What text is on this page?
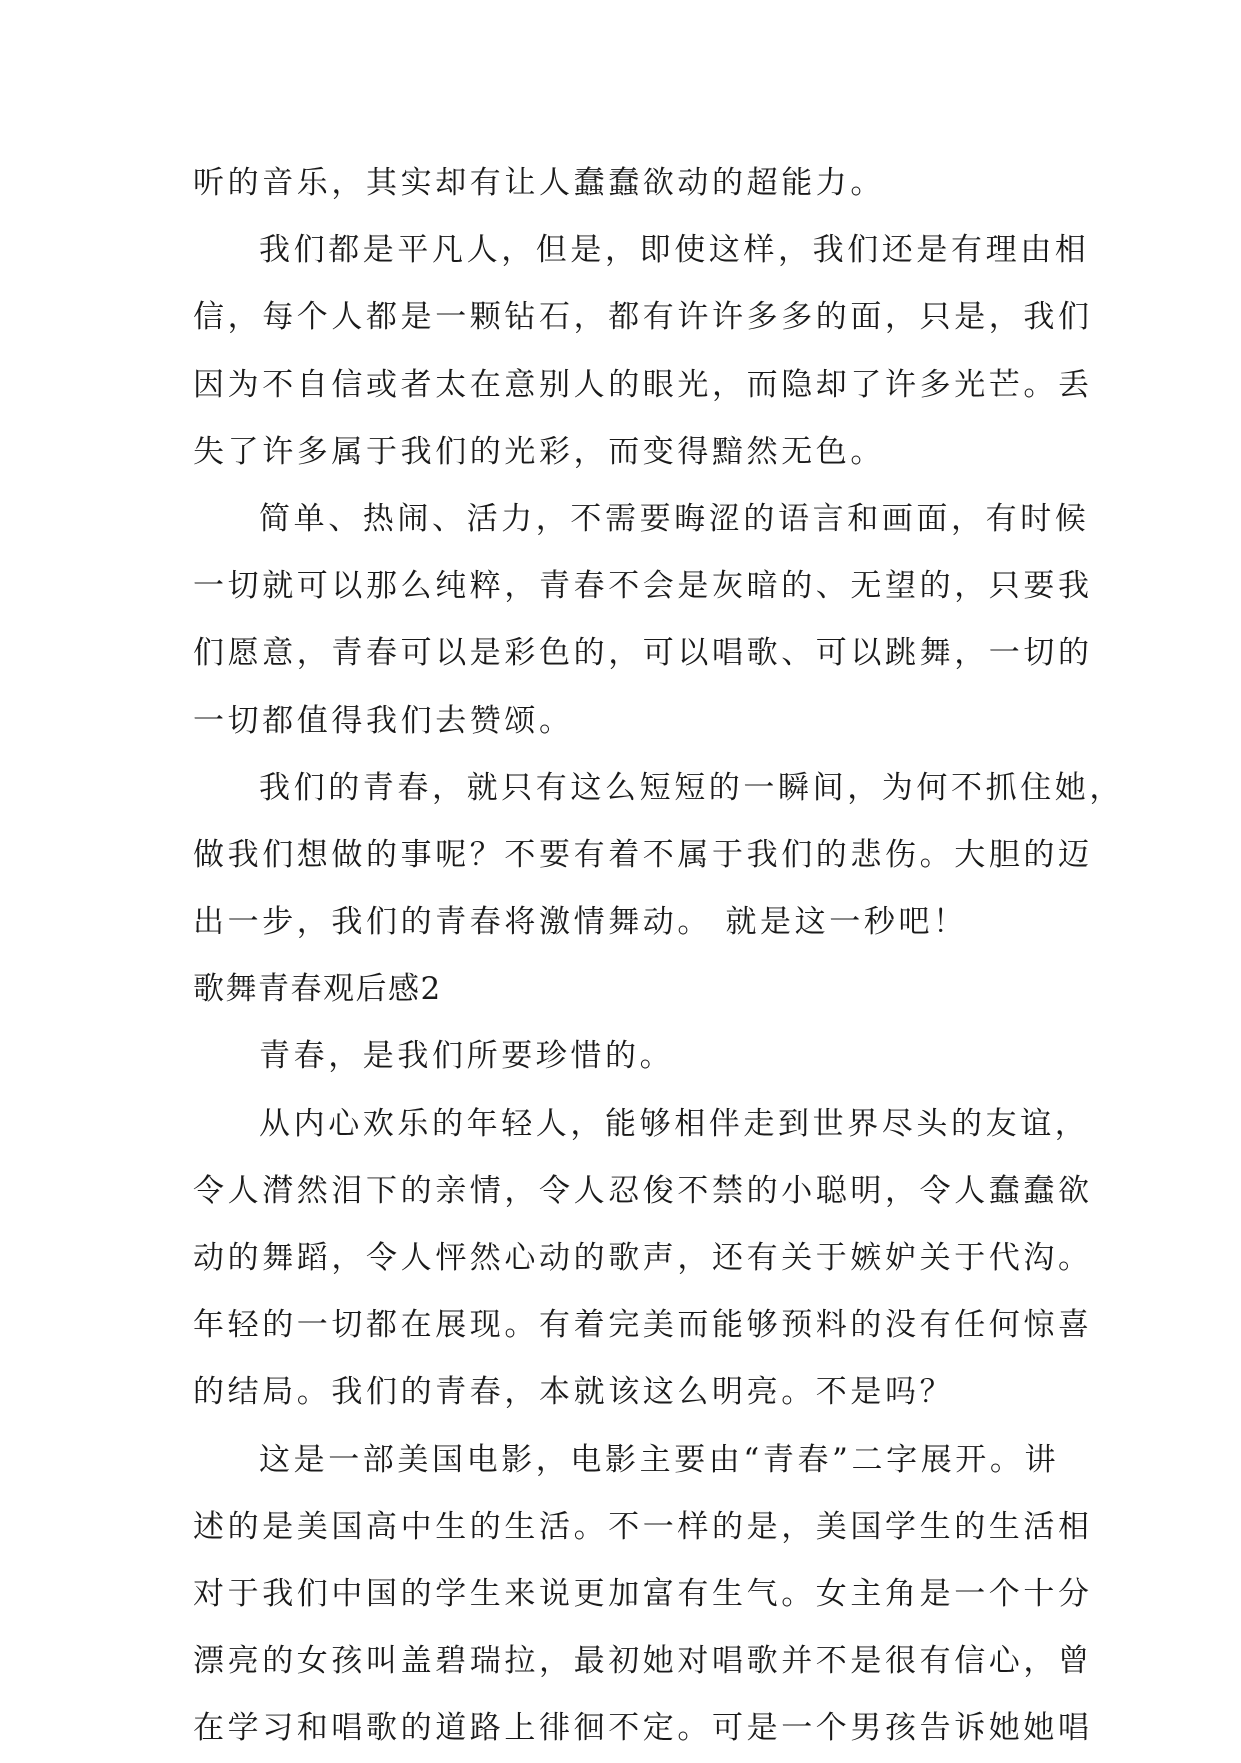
听的音乐，其实却有让人蠢蠢欲动的超能力。
我们都是平凡人，但是，即使这样，我们还是有理由相
信，每个人都是一颗钻石，都有许许多多的面，只是，我们
因为不自信或者太在意别人的眼光，而隐却了许多光芒。丢
失了许多属于我们的光彩，而变得黯然无色。
简单、热闹、活力，不需要晦涩的语言和画面，有时候
一切就可以那么纯粹，青春不会是灰暗的、无望的，只要我
们愿意，青春可以是彩色的，可以唱歌、可以跳舞，一切的
一切都值得我们去赞颂。
我们的青春，就只有这么短短的一瞬间，为何不抓住她，
做我们想做的事呢？不要有着不属于我们的悲伤。大胆的迈
出一步，我们的青春将激情舞动。 就是这一秒吧！
歌舞青春观后感2
青春，是我们所要珍惜的。
从内心欢乐的年轻人，能够相伴走到世界尽头的友谊，
令人潸然泪下的亲情，令人忍俊不禁的小聪明，令人蠢蠢欲
动的舞蹈，令人怦然心动的歌声，还有关于嫉妒关于代沟。
年轻的一切都在展现。有着完美而能够预料的没有任何惊喜
的结局。我们的青春，本就该这么明亮。不是吗？
这是一部美国电影，电影主要由“青春”二字展开。讲
述的是美国高中生的生活。不一样的是，美国学生的生活相
对于我们中国的学生来说更加富有生气。女主角是一个十分
漂亮的女孩叫盖碧瑞拉，最初她对唱歌并不是很有信心，曾
在学习和唱歌的道路上徘徊不定。可是一个男孩告诉她她唱
